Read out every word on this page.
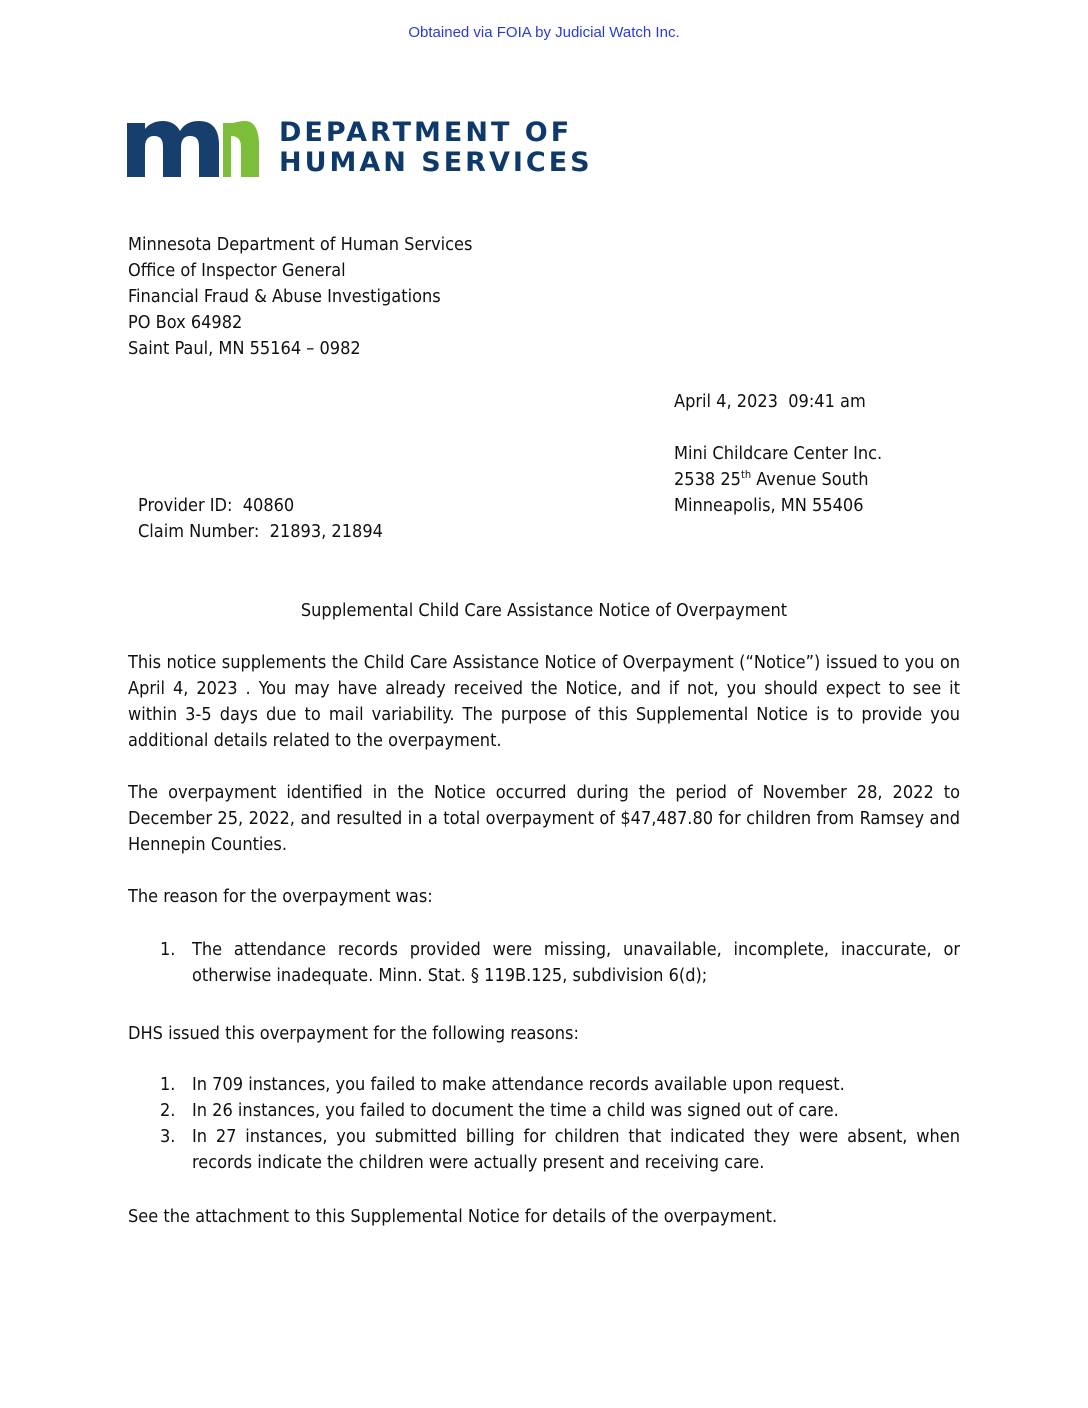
Obtained via FOIA by Judicial Watch Inc.
DEPARTMENT OF
HUMAN SERVICES
Minnesota Department of Human Services
Office of Inspector General
Financial Fraud & Abuse Investigations
PO Box 64982
Saint Paul, MN 55164 – 0982
April 4, 2023  09:41 am
Mini Childcare Center Inc.
2538 25th Avenue South
Minneapolis, MN 55406
Provider ID:  40860
Claim Number:  21893, 21894
Supplemental Child Care Assistance Notice of Overpayment
This notice supplements the Child Care Assistance Notice of Overpayment (“Notice”) issued to you on April 4, 2023 . You may have already received the Notice, and if not, you should expect to see it within 3-5 days due to mail variability. The purpose of this Supplemental Notice is to provide you additional details related to the overpayment.
The overpayment identified in the Notice occurred during the period of November 28, 2022 to December 25, 2022, and resulted in a total overpayment of $47,487.80 for children from Ramsey and Hennepin Counties.
The reason for the overpayment was:
1. The attendance records provided were missing, unavailable, incomplete, inaccurate, or otherwise inadequate. Minn. Stat. § 119B.125, subdivision 6(d);
DHS issued this overpayment for the following reasons:
1. In 709 instances, you failed to make attendance records available upon request.
2. In 26 instances, you failed to document the time a child was signed out of care.
3. In 27 instances, you submitted billing for children that indicated they were absent, when records indicate the children were actually present and receiving care.
See the attachment to this Supplemental Notice for details of the overpayment.
